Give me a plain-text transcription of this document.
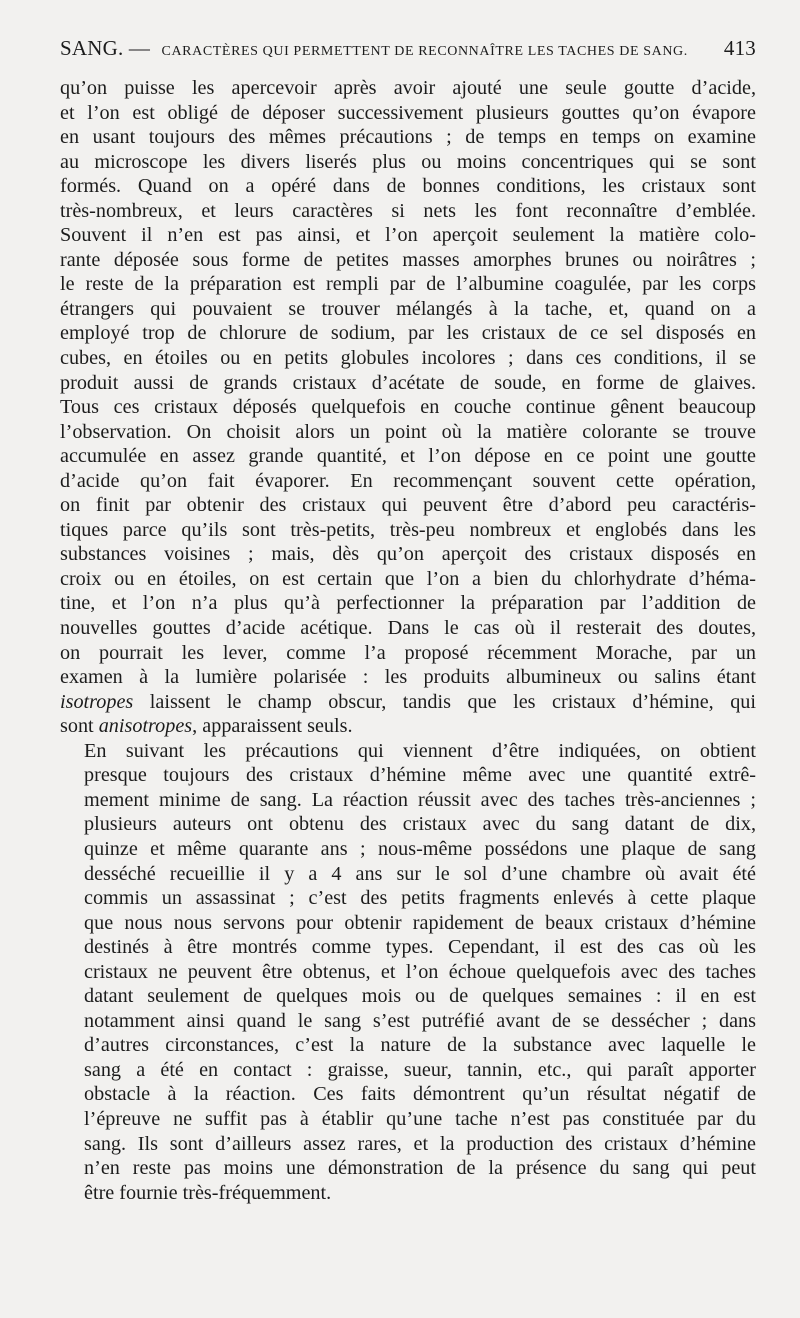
SANG. — CARACTÈRES QUI PERMETTENT DE RECONNAÎTRE LES TACHES DE SANG. 413

qu’on puisse les apercevoir après avoir ajouté une seule goutte d’acide,
et l’on est obligé de déposer successivement plusieurs gouttes qu’on évapore
en usant toujours des mêmes précautions ; de temps en temps on examine
au microscope les divers liserés plus ou moins concentriques qui se sont
formés. Quand on a opéré dans de bonnes conditions, les cristaux sont
très-nombreux, et leurs caractères si nets les font reconnaître d’emblée.
Souvent il n’en est pas ainsi, et l’on aperçoit seulement la matière colo-
rante déposée sous forme de petites masses amorphes brunes ou noirâtres ;
le reste de la préparation est rempli par de l’albumine coagulée, par les corps
étrangers qui pouvaient se trouver mélangés à la tache, et, quand on a
employé trop de chlorure de sodium, par les cristaux de ce sel disposés en
cubes, en étoiles ou en petits globules incolores ; dans ces conditions, il se
produit aussi de grands cristaux d’acétate de soude, en forme de glaives.
Tous ces cristaux déposés quelquefois en couche continue gênent beaucoup
l’observation. On choisit alors un point où la matière colorante se trouve
accumulée en assez grande quantité, et l’on dépose en ce point une goutte
d’acide qu’on fait évaporer. En recommençant souvent cette opération,
on finit par obtenir des cristaux qui peuvent être d’abord peu caractéris-
tiques parce qu’ils sont très-petits, très-peu nombreux et englobés dans les
substances voisines ; mais, dès qu’on aperçoit des cristaux disposés en
croix ou en étoiles, on est certain que l’on a bien du chlorhydrate d’héma-
tine, et l’on n’a plus qu’à perfectionner la préparation par l’addition de
nouvelles gouttes d’acide acétique. Dans le cas où il resterait des doutes,
on pourrait les lever, comme l’a proposé récemment Morache, par un
examen à la lumière polarisée : les produits albumineux ou salins étant
isotropes laissent le champ obscur, tandis que les cristaux d’hémine, qui
sont anisotropes, apparaissent seuls.

En suivant les précautions qui viennent d’être indiquées, on obtient
presque toujours des cristaux d’hémine même avec une quantité extrê-
mement minime de sang. La réaction réussit avec des taches très-anciennes ;
plusieurs auteurs ont obtenu des cristaux avec du sang datant de dix,
quinze et même quarante ans ; nous-même possédons une plaque de sang
desséché recueillie il y a 4 ans sur le sol d’une chambre où avait été
commis un assassinat ; c’est des petits fragments enlevés à cette plaque
que nous nous servons pour obtenir rapidement de beaux cristaux d’hémine
destinés à être montrés comme types. Cependant, il est des cas où les
cristaux ne peuvent être obtenus, et l’on échoue quelquefois avec des taches
datant seulement de quelques mois ou de quelques semaines : il en est
notamment ainsi quand le sang s’est putréfié avant de se dessécher ; dans
d’autres circonstances, c’est la nature de la substance avec laquelle le
sang a été en contact : graisse, sueur, tannin, etc., qui paraît apporter
obstacle à la réaction. Ces faits démontrent qu’un résultat négatif de
l’épreuve ne suffit pas à établir qu’une tache n’est pas constituée par du
sang. Ils sont d’ailleurs assez rares, et la production des cristaux d’hémine
n’en reste pas moins une démonstration de la présence du sang qui peut
être fournie très-fréquemment.
